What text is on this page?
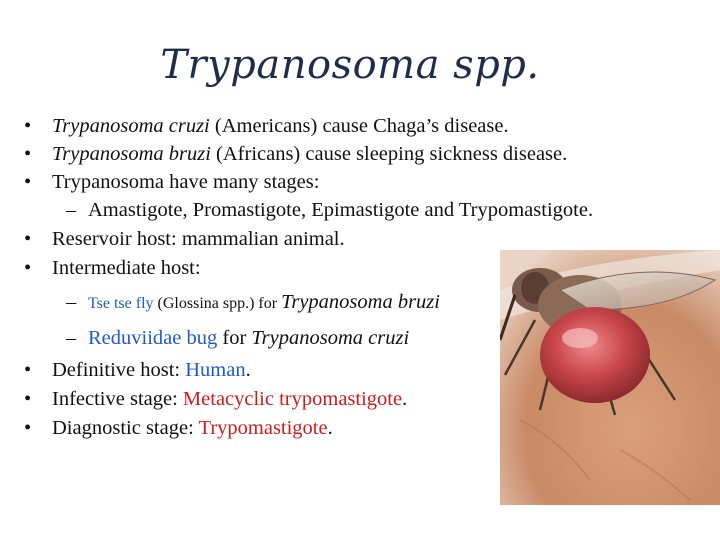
Trypanosoma spp.
• Trypanosoma cruzi (Americans) cause Chaga’s disease.
• Trypanosoma bruzi (Africans) cause sleeping sickness disease.
• Trypanosoma have many stages:
– Amastigote, Promastigote, Epimastigote and Trypomastigote.
• Reservoir host: mammalian animal.
• Intermediate host:
– Tse tse fly (Glossina spp.) for Trypanosoma bruzi
– Reduviidae bug for Trypanosoma cruzi
• Definitive host: Human.
• Infective stage: Metacyclic trypomastigote.
• Diagnostic stage: Trypomastigote.
